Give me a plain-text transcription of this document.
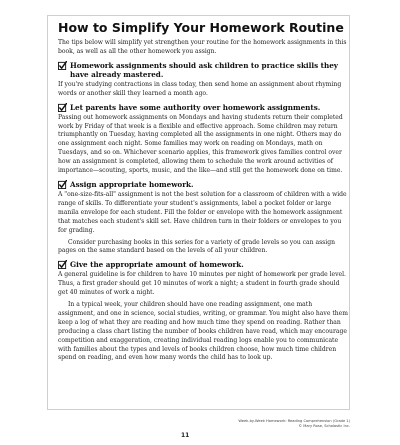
How to Simplify Your Homework Routine

The tips below will simplify yet strengthen your routine for the homework assignments in this book, as well as all the other homework you assign.

Homework assignments should ask children to practice skills they have already mastered.

If you're studying contractions in class today, then send home an assignment about rhyming words or another skill they learned a month ago.

Let parents have some authority over homework assignments.

Passing out homework assignments on Mondays and having students return their completed work by Friday of that week is a flexible and effective approach. Some children may return triumphantly on Tuesday, having completed all the assignments in one night. Others may do one assignment each night. Some families may work on reading on Mondays, math on Tuesdays, and so on. Whichever scenario applies, this framework gives families control over how an assignment is completed, allowing them to schedule the work around activities of importance—scouting, sports, music, and the like—and still get the homework done on time.

Assign appropriate homework.

A "one-size-fits-all" assignment is not the best solution for a classroom of children with a wide range of skills. To differentiate your student's assignments, label a pocket folder or large manila envelope for each student. Fill the folder or envelope with the homework assignment that matches each student's skill set. Have children turn in their folders or envelopes to you for grading.

Consider purchasing books in this series for a variety of grade levels so you can assign pages on the same standard based on the levels of all your children.

Give the appropriate amount of homework.

A general guideline is for children to have 10 minutes per night of homework per grade level. Thus, a first grader should get 10 minutes of work a night; a student in fourth grade should get 40 minutes of work a night.

In a typical week, your children should have one reading assignment, one math assignment, and one in science, social studies, writing, or grammar. You might also have them keep a log of what they are reading and how much time they spend on reading. Rather than producing a class chart listing the number of books children have read, which may encourage competition and exaggeration, creating individual reading logs enable you to communicate with families about the types and levels of books children choose, how much time children spend on reading, and even how many words the child has to look up.

Week-by-Week Homework: Reading Comprehension (Grade 1)
© Mary Rose, Scholastic Inc.
11
